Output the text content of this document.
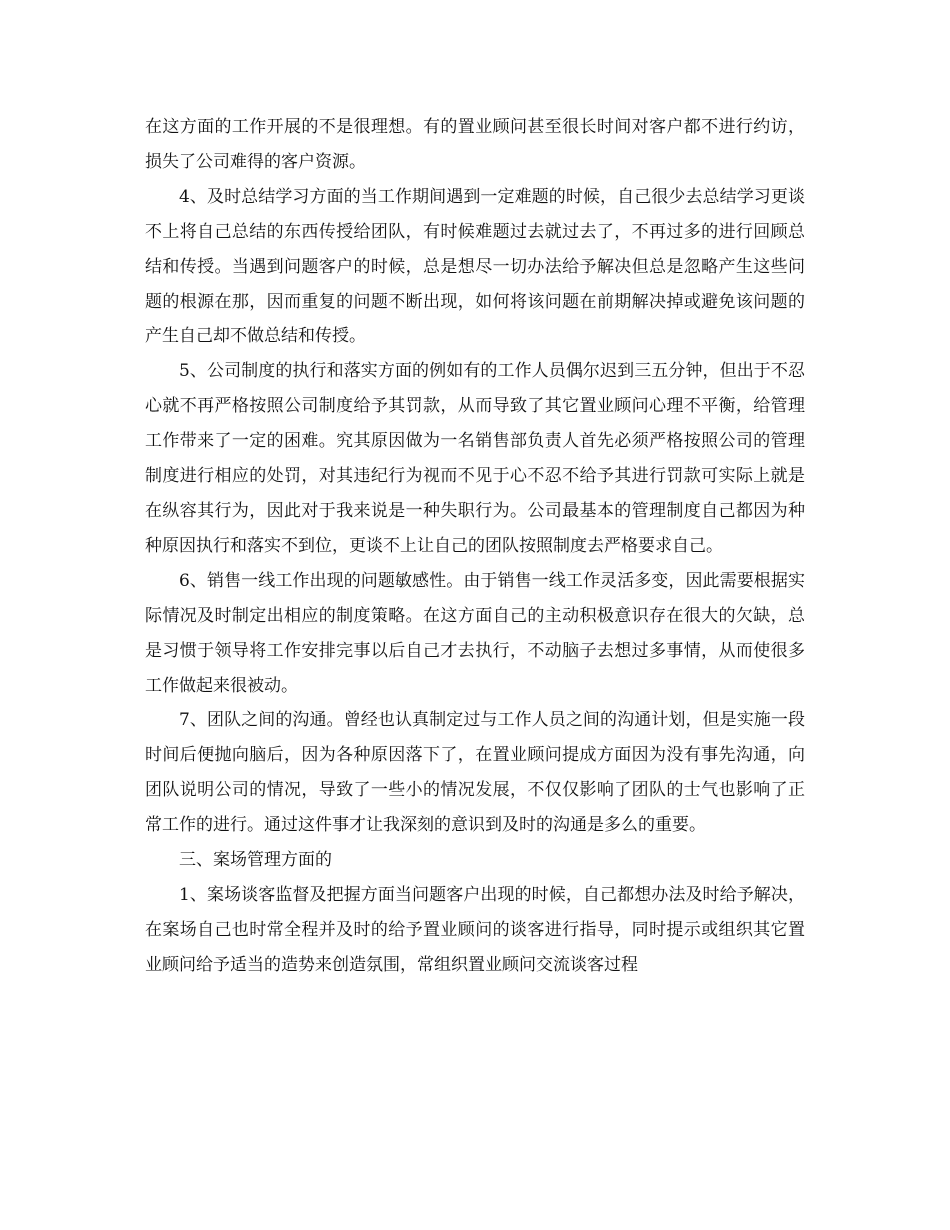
在这方面的工作开展的不是很理想。有的置业顾问甚至很长时间对客户都不进行约访，损失了公司难得的客户资源。

4、及时总结学习方面的当工作期间遇到一定难题的时候，自己很少去总结学习更谈不上将自己总结的东西传授给团队，有时候难题过去就过去了，不再过多的进行回顾总结和传授。当遇到问题客户的时候，总是想尽一切办法给予解决但总是忽略产生这些问题的根源在那，因而重复的问题不断出现，如何将该问题在前期解决掉或避免该问题的产生自己却不做总结和传授。

5、公司制度的执行和落实方面的例如有的工作人员偶尔迟到三五分钟，但出于不忍心就不再严格按照公司制度给予其罚款，从而导致了其它置业顾问心理不平衡，给管理工作带来了一定的困难。究其原因做为一名销售部负责人首先必须严格按照公司的管理制度进行相应的处罚，对其违纪行为视而不见于心不忍不给予其进行罚款可实际上就是在纵容其行为，因此对于我来说是一种失职行为。公司最基本的管理制度自己都因为种种原因执行和落实不到位，更谈不上让自己的团队按照制度去严格要求自己。

6、销售一线工作出现的问题敏感性。由于销售一线工作灵活多变，因此需要根据实际情况及时制定出相应的制度策略。在这方面自己的主动积极意识存在很大的欠缺，总是习惯于领导将工作安排完事以后自己才去执行，不动脑子去想过多事情，从而使很多工作做起来很被动。

7、团队之间的沟通。曾经也认真制定过与工作人员之间的沟通计划，但是实施一段时间后便抛向脑后，因为各种原因落下了，在置业顾问提成方面因为没有事先沟通，向团队说明公司的情况，导致了一些小的情况发展，不仅仅影响了团队的士气也影响了正常工作的进行。通过这件事才让我深刻的意识到及时的沟通是多么的重要。

三、案场管理方面的

1、案场谈客监督及把握方面当问题客户出现的时候，自己都想办法及时给予解决，在案场自己也时常全程并及时的给予置业顾问的谈客进行指导，同时提示或组织其它置业顾问给予适当的造势来创造氛围，常组织置业顾问交流谈客过程
